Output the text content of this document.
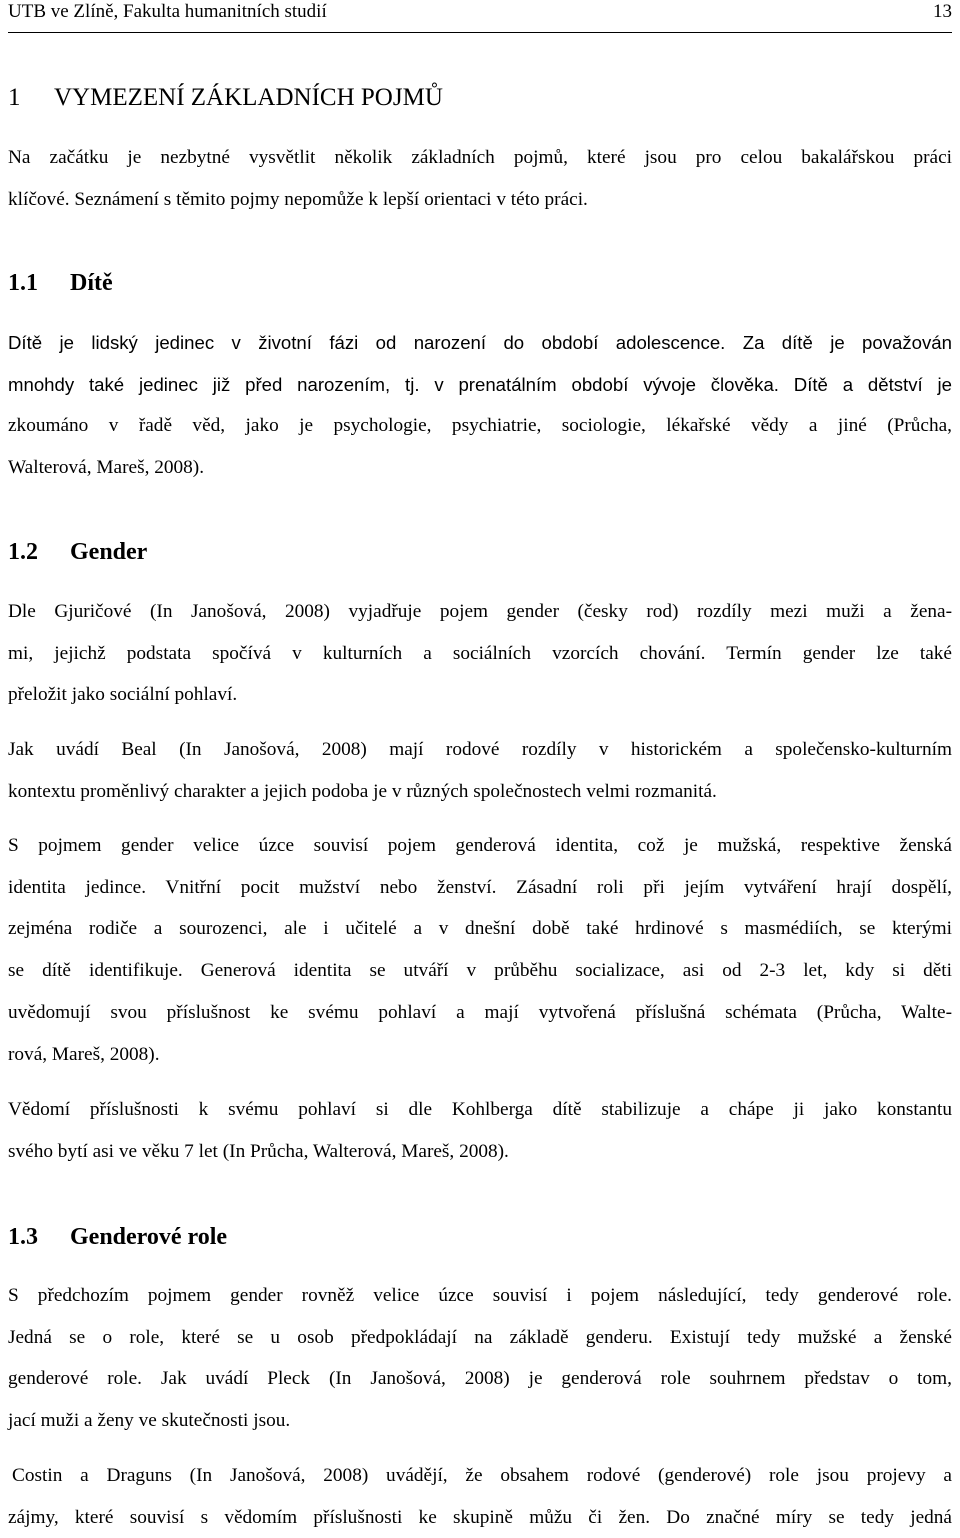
UTB ve Zlíně, Fakulta humanitních studií	13
1 VYMEZENÍ ZÁKLADNÍCH POJMŮ
Na začátku je nezbytné vysvětlit několik základních pojmů, které jsou pro celou bakalářskou práci
klíčové. Seznámení s těmito pojmy nepomůže k lepší orientaci v této práci.
1.1 Dítě
Dítě je lidský jedinec v životní fázi od narození do období adolescence. Za dítě je považován
mnohdy také jedinec již před narozením, tj. v prenatálním období vývoje člověka. Dítě a dětství je
zkoumáno v řadě věd, jako je psychologie, psychiatrie, sociologie, lékařské vědy a jiné (Průcha,
Walterová, Mareš, 2008).
1.2 Gender
Dle Gjuričové (In Janošová, 2008) vyjadřuje pojem gender (česky rod) rozdíly mezi muži a žena-
mi, jejichž podstata spočívá v kulturních a sociálních vzorcích chování. Termín gender lze také
přeložit jako sociální pohlaví.
Jak uvádí Beal (In Janošová, 2008) mají rodové rozdíly v historickém a společensko-kulturním
kontextu proměnlivý charakter a jejich podoba je v různých společnostech velmi rozmanitá.
S pojmem gender velice úzce souvisí pojem genderová identita, což je mužská, respektive ženská
identita jedince. Vnitřní pocit mužství nebo ženství. Zásadní roli při jejím vytváření hrají dospělí,
zejména rodiče a sourozenci, ale i učitelé a v dnešní době také hrdinové s masmédiích, se kterými
se dítě identifikuje. Generová identita se utváří v průběhu socializace, asi od 2-3 let, kdy si děti
uvědomují svou příslušnost ke svému pohlaví a mají vytvořená příslušná schémata (Průcha, Walte-
rová, Mareš, 2008).
Vědomí příslušnosti k svému pohlaví si dle Kohlberga dítě stabilizuje a chápe ji jako konstantu
svého bytí asi ve věku 7 let (In Průcha, Walterová, Mareš, 2008).
1.3 Genderové role
S předchozím pojmem gender rovněž velice úzce souvisí i pojem následující, tedy genderové role.
Jedná se o role, které se u osob předpokládají na základě genderu. Existují tedy mužské a ženské
genderové role. Jak uvádí Pleck (In Janošová, 2008) je genderová role souhrnem představ o tom,
jací muži a ženy ve skutečnosti jsou.
Costin a Draguns (In Janošová, 2008) uvádějí, že obsahem rodové (genderové) role jsou projevy a
zájmy, které souvisí s vědomím příslušnosti ke skupině můžu či žen. Do značné míry se tedy jedná
